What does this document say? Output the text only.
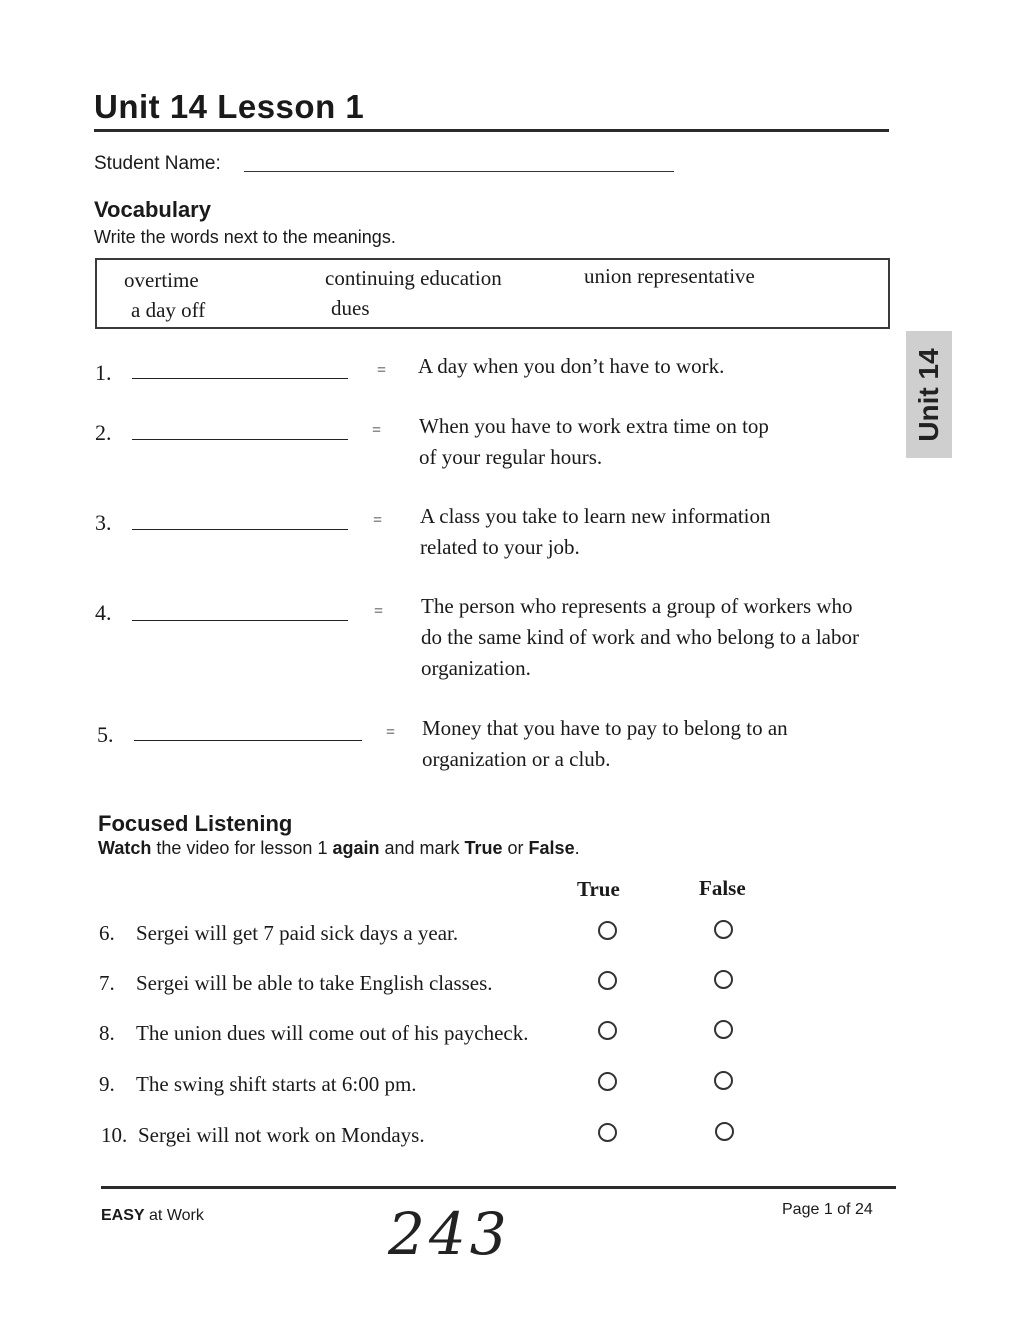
Unit 14 Lesson 1
Student Name:
Vocabulary
Write the words next to the meanings.
overtime	continuing education	union representative
a day off	dues
1.	= A day when you don’t have to work.
2.	= When you have to work extra time on top of your regular hours.
3.	= A class you take to learn new information related to your job.
4.	= The person who represents a group of workers who do the same kind of work and who belong to a labor organization.
5.	= Money that you have to pay to belong to an organization or a club.
Unit 14
Focused Listening
Watch the video for lesson 1 again and mark True or False.
True	False
6. Sergei will get 7 paid sick days a year.
7. Sergei will be able to take English classes.
8. The union dues will come out of his paycheck.
9. The swing shift starts at 6:00 pm.
10. Sergei will not work on Mondays.
EASY at Work	243	Page 1 of 24
